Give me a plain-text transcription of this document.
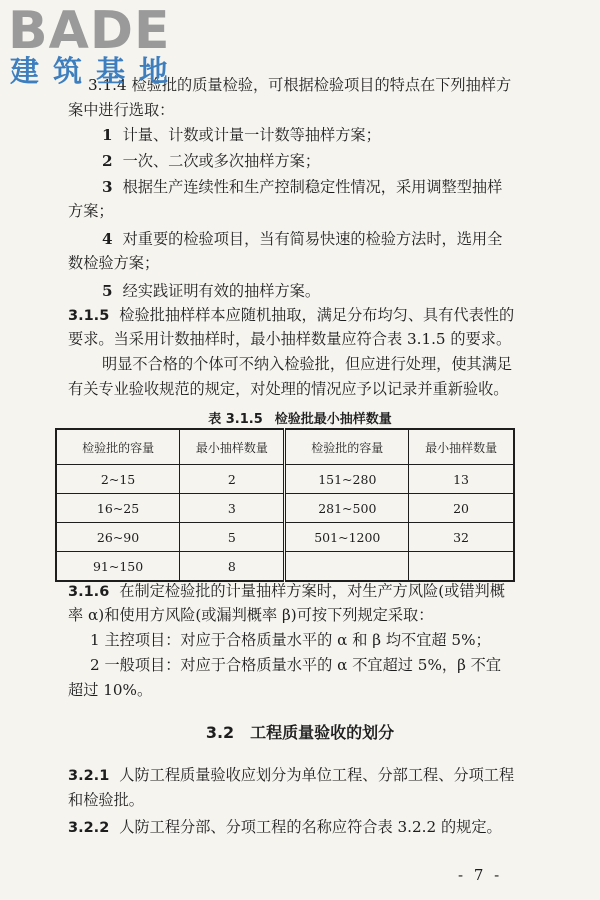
BADE
建筑基地
3.1.4 检验批的质量检验，可根据检验项目的特点在下列抽样方
案中进行选取：
1 计量、计数或计量一计数等抽样方案；
2 一次、二次或多次抽样方案；
3 根据生产连续性和生产控制稳定性情况，采用调整型抽样
方案；
4 对重要的检验项目，当有简易快速的检验方法时，选用全
数检验方案；
5 经实践证明有效的抽样方案。
3.1.5 检验批抽样样本应随机抽取，满足分布均匀、具有代表性的
要求。当采用计数抽样时，最小抽样数量应符合表 3.1.5 的要求。
明显不合格的个体可不纳入检验批，但应进行处理，使其满足
有关专业验收规范的规定，对处理的情况应予以记录并重新验收。
表 3.1.5 检验批最小抽样数量
检验批的容量	最小抽样数量	检验批的容量	最小抽样数量
2~15	2	151~280	13
16~25	3	281~500	20
26~90	5	501~1200	32
91~150	8		
3.1.6 在制定检验批的计量抽样方案时，对生产方风险(或错判概
率 α)和使用方风险(或漏判概率 β)可按下列规定采取：
1 主控项目：对应于合格质量水平的 α 和 β 均不宜超 5%；
2 一般项目：对应于合格质量水平的 α 不宜超过 5%，β 不宜
超过 10%。
3.2 工程质量验收的划分
3.2.1 人防工程质量验收应划分为单位工程、分部工程、分项工程
和检验批。
3.2.2 人防工程分部、分项工程的名称应符合表 3.2.2 的规定。
- 7 -
